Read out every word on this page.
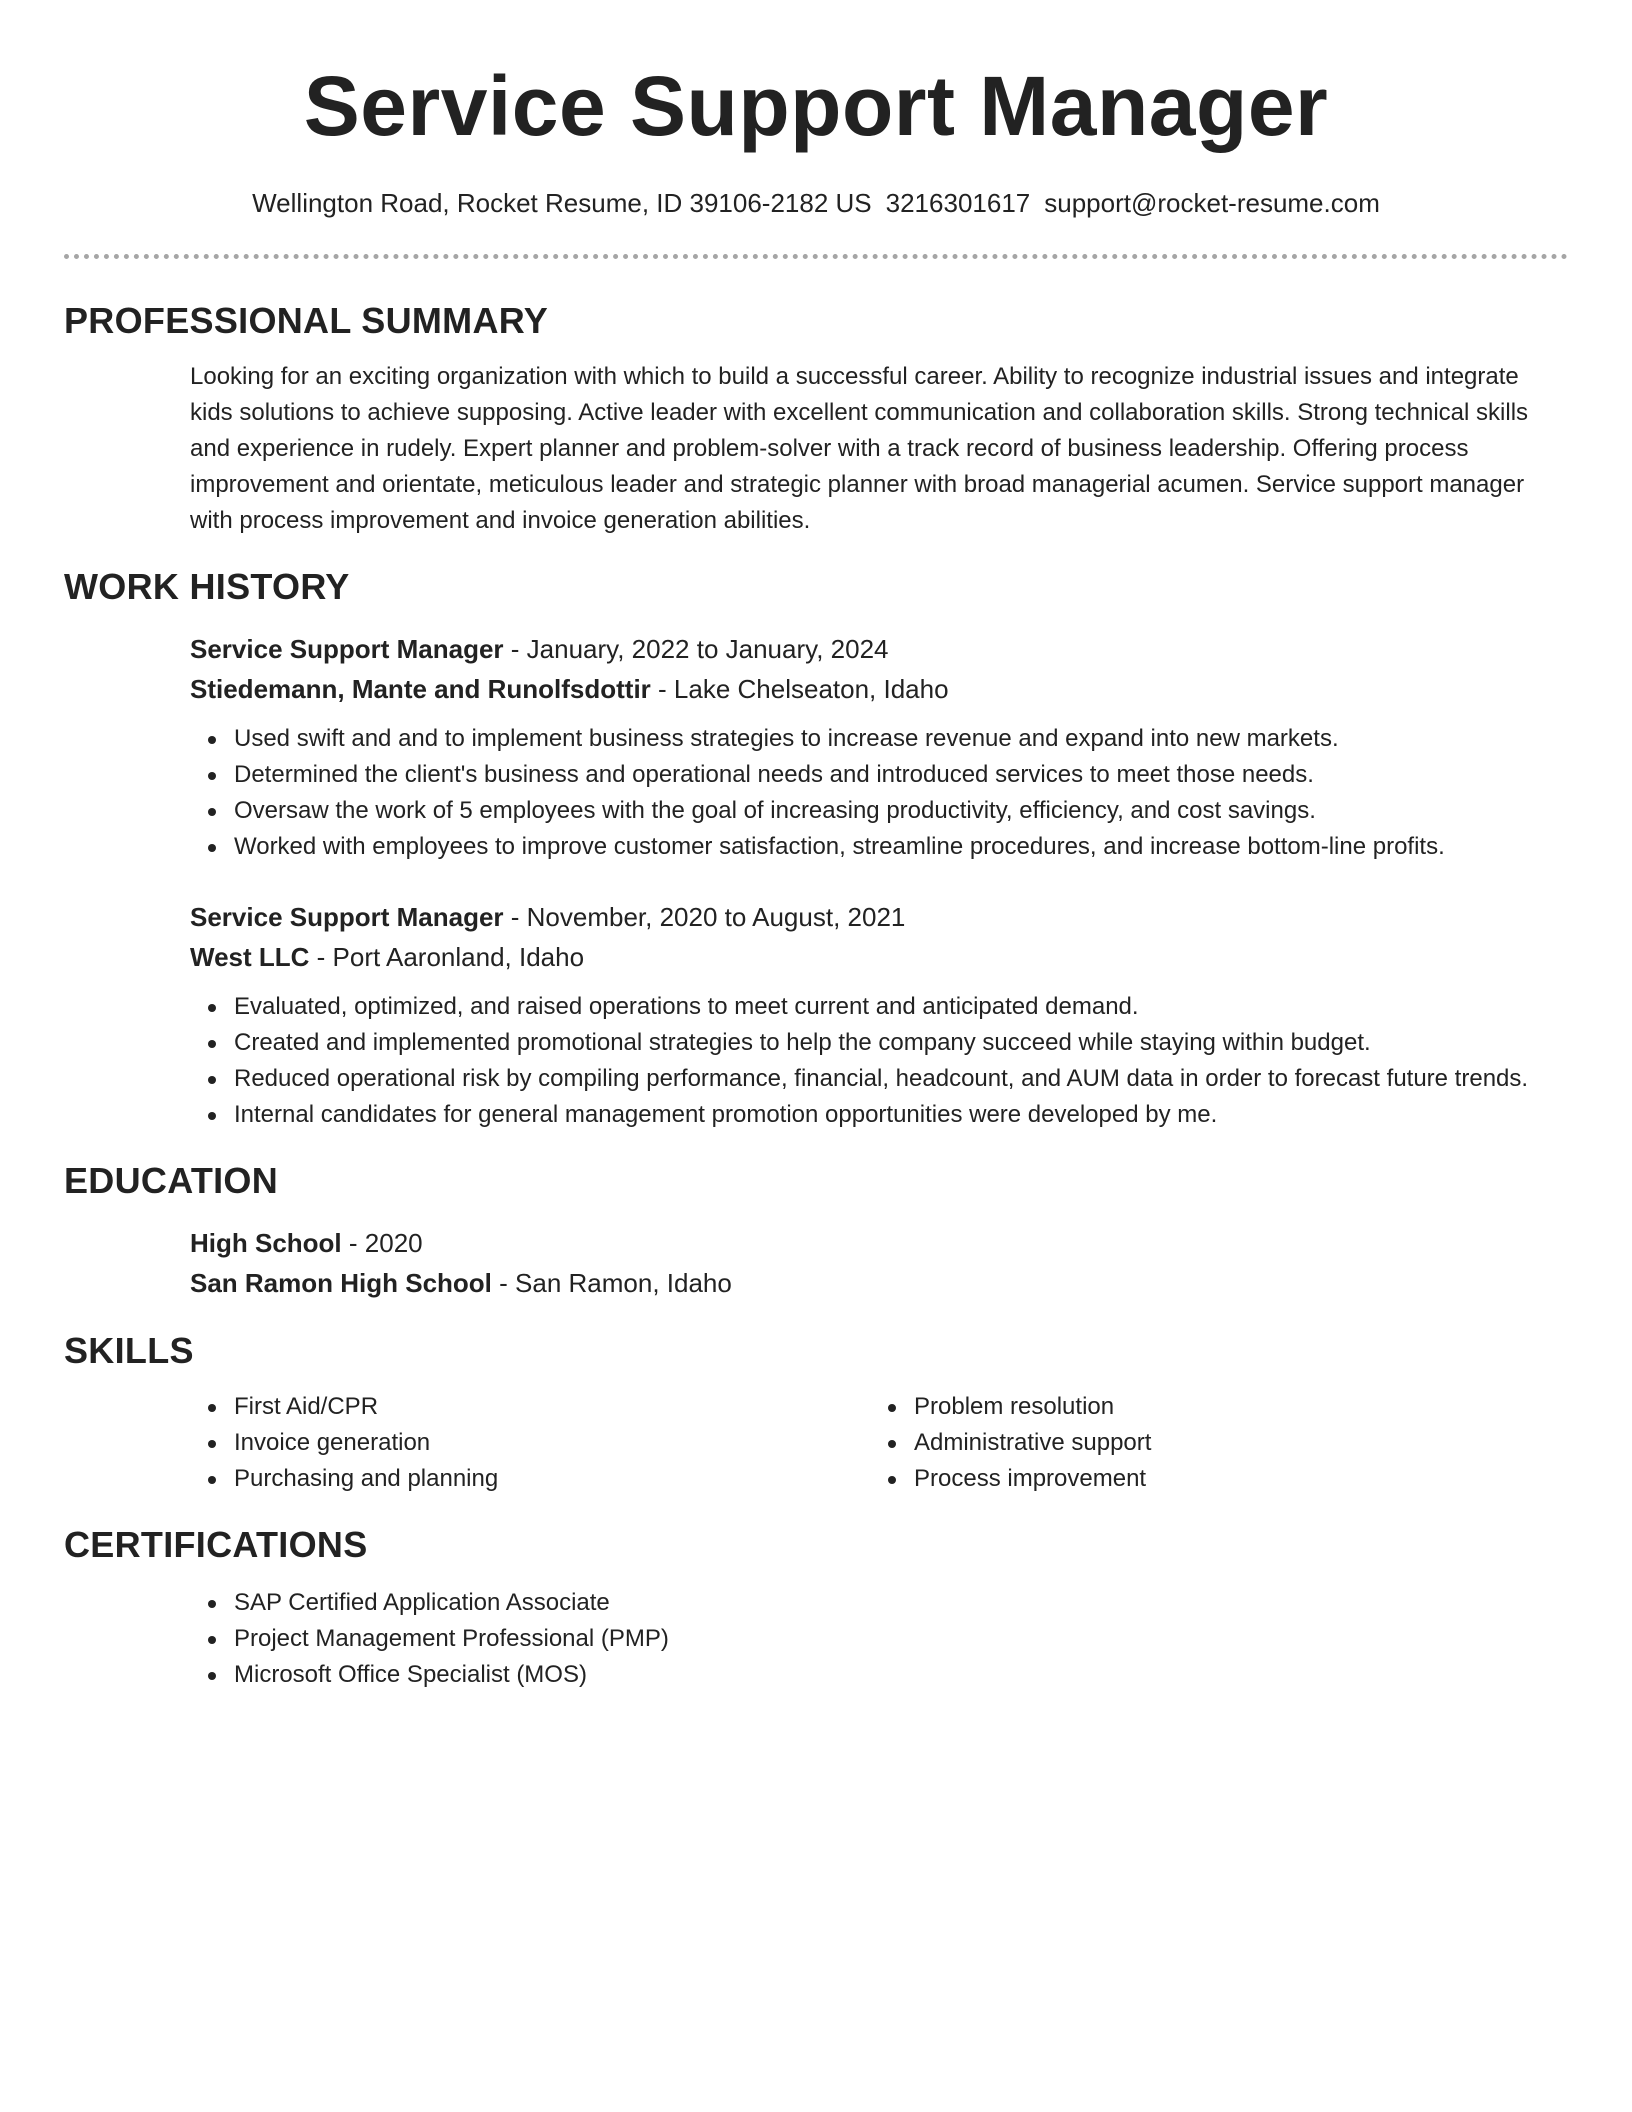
Service Support Manager
Wellington Road, Rocket Resume, ID 39106-2182 US 3216301617 support@rocket-resume.com
PROFESSIONAL SUMMARY

Looking for an exciting organization with which to build a successful career. Ability to recognize industrial issues and integrate kids solutions to achieve supposing. Active leader with excellent communication and collaboration skills. Strong technical skills and experience in rudely. Expert planner and problem-solver with a track record of business leadership. Offering process improvement and orientate, meticulous leader and strategic planner with broad managerial acumen. Service support manager with process improvement and invoice generation abilities.

WORK HISTORY
Service Support Manager - January, 2022 to January, 2024
Stiedemann, Mante and Runolfsdottir - Lake Chelseaton, Idaho
Used swift and and to implement business strategies to increase revenue and expand into new markets.
Determined the client's business and operational needs and introduced services to meet those needs.
Oversaw the work of 5 employees with the goal of increasing productivity, efficiency, and cost savings.
Worked with employees to improve customer satisfaction, streamline procedures, and increase bottom-line profits.
Service Support Manager - November, 2020 to August, 2021
West LLC - Port Aaronland, Idaho
Evaluated, optimized, and raised operations to meet current and anticipated demand.
Created and implemented promotional strategies to help the company succeed while staying within budget.
Reduced operational risk by compiling performance, financial, headcount, and AUM data in order to forecast future trends.
Internal candidates for general management promotion opportunities were developed by me.
EDUCATION
High School - 2020
San Ramon High School - San Ramon, Idaho
SKILLS
First Aid/CPR
Invoice generation
Purchasing and planning
Problem resolution
Administrative support
Process improvement
CERTIFICATIONS
SAP Certified Application Associate
Project Management Professional (PMP)
Microsoft Office Specialist (MOS)
